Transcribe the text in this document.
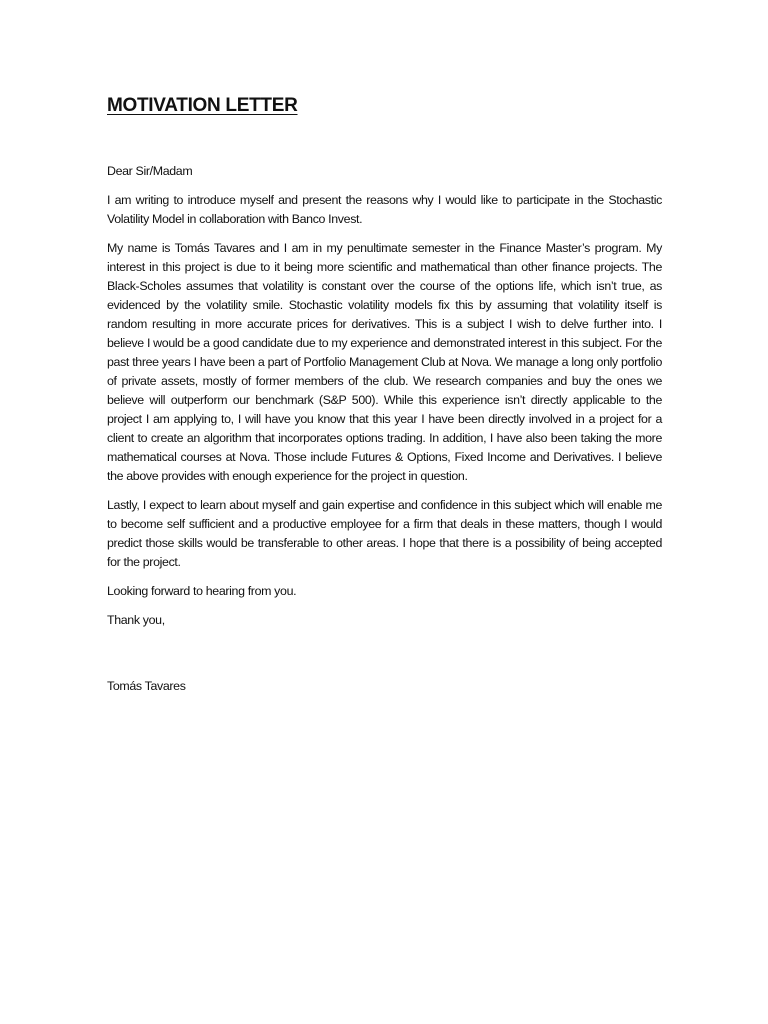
MOTIVATION LETTER

Dear Sir/Madam

I am writing to introduce myself and present the reasons why I would like to participate in the Stochastic Volatility Model in collaboration with Banco Invest.

My name is Tomás Tavares and I am in my penultimate semester in the Finance Master’s program. My interest in this project is due to it being more scientific and mathematical than other finance projects. The Black-Scholes assumes that volatility is constant over the course of the options life, which isn’t true, as evidenced by the volatility smile. Stochastic volatility models fix this by assuming that volatility itself is random resulting in more accurate prices for derivatives. This is a subject I wish to delve further into. I believe I would be a good candidate due to my experience and demonstrated interest in this subject. For the past three years I have been a part of Portfolio Management Club at Nova. We manage a long only portfolio of private assets, mostly of former members of the club. We research companies and buy the ones we believe will outperform our benchmark (S&P 500). While this experience isn’t directly applicable to the project I am applying to, I will have you know that this year I have been directly involved in a project for a client to create an algorithm that incorporates options trading. In addition, I have also been taking the more mathematical courses at Nova. Those include Futures & Options, Fixed Income and Derivatives. I believe the above provides with enough experience for the project in question.

Lastly, I expect to learn about myself and gain expertise and confidence in this subject which will enable me to become self sufficient and a productive employee for a firm that deals in these matters, though I would predict those skills would be transferable to other areas. I hope that there is a possibility of being accepted for the project.

Looking forward to hearing from you.

Thank you,

Tomás Tavares
